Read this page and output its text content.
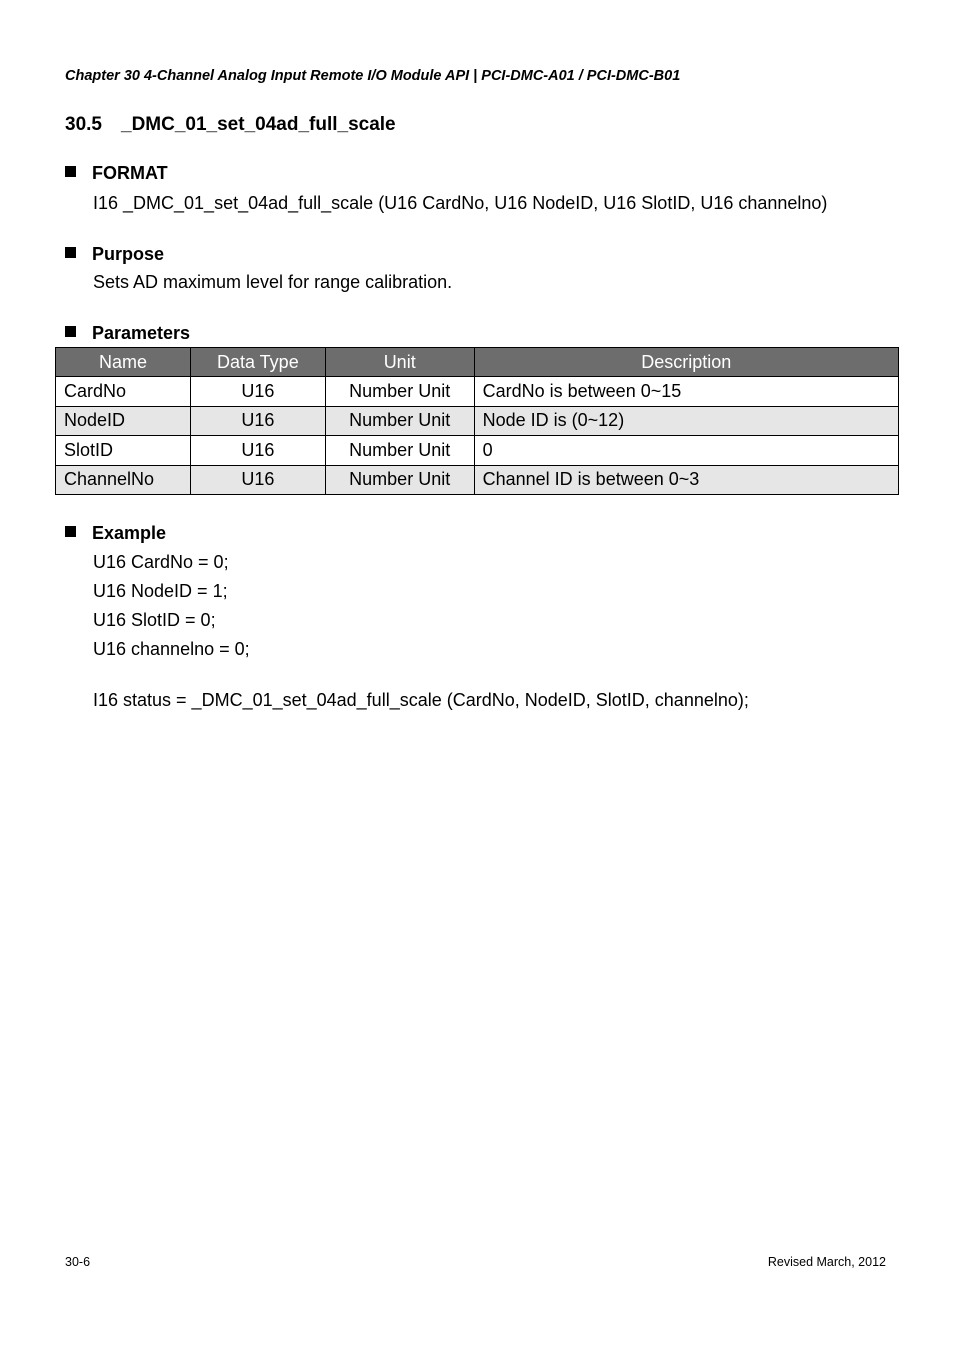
Chapter 30 4-Channel Analog Input Remote I/O Module API | PCI-DMC-A01 / PCI-DMC-B01
30.5 _DMC_01_set_04ad_full_scale
FORMAT
I16 _DMC_01_set_04ad_full_scale (U16 CardNo, U16 NodeID, U16 SlotID, U16 channelno)
Purpose
Sets AD maximum level for range calibration.
Parameters
Name	Data Type	Unit	Description
CardNo	U16	Number Unit	CardNo is between 0~15
NodeID	U16	Number Unit	Node ID is (0~12)
SlotID	U16	Number Unit	0
ChannelNo	U16	Number Unit	Channel ID is between 0~3
Example
U16 CardNo = 0;
U16 NodeID = 1;
U16 SlotID = 0;
U16 channelno = 0;
I16 status = _DMC_01_set_04ad_full_scale (CardNo, NodeID, SlotID, channelno);
30-6	Revised March, 2012
